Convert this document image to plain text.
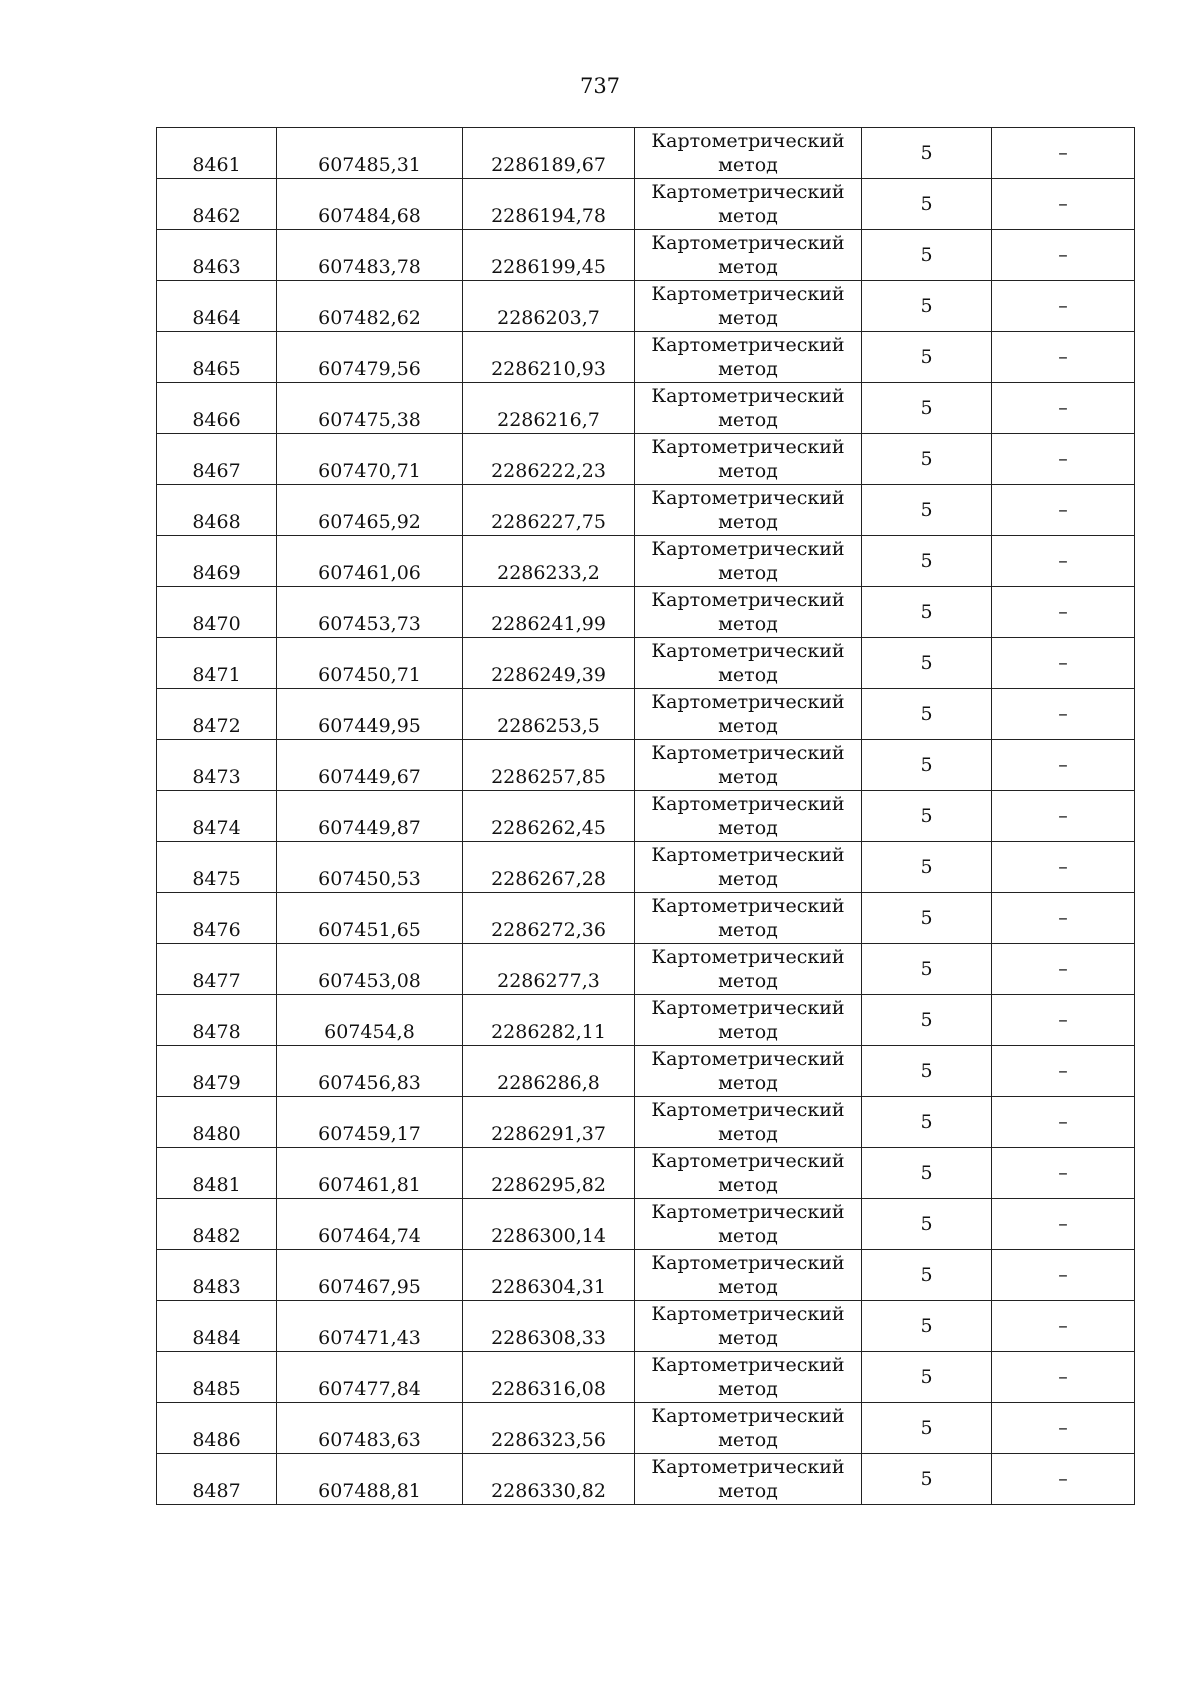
737
8461	607485,31	2286189,67	Картометрический
метод	5	–
8462	607484,68	2286194,78	Картометрический
метод	5	–
8463	607483,78	2286199,45	Картометрический
метод	5	–
8464	607482,62	2286203,7	Картометрический
метод	5	–
8465	607479,56	2286210,93	Картометрический
метод	5	–
8466	607475,38	2286216,7	Картометрический
метод	5	–
8467	607470,71	2286222,23	Картометрический
метод	5	–
8468	607465,92	2286227,75	Картометрический
метод	5	–
8469	607461,06	2286233,2	Картометрический
метод	5	–
8470	607453,73	2286241,99	Картометрический
метод	5	–
8471	607450,71	2286249,39	Картометрический
метод	5	–
8472	607449,95	2286253,5	Картометрический
метод	5	–
8473	607449,67	2286257,85	Картометрический
метод	5	–
8474	607449,87	2286262,45	Картометрический
метод	5	–
8475	607450,53	2286267,28	Картометрический
метод	5	–
8476	607451,65	2286272,36	Картометрический
метод	5	–
8477	607453,08	2286277,3	Картометрический
метод	5	–
8478	607454,8	2286282,11	Картометрический
метод	5	–
8479	607456,83	2286286,8	Картометрический
метод	5	–
8480	607459,17	2286291,37	Картометрический
метод	5	–
8481	607461,81	2286295,82	Картометрический
метод	5	–
8482	607464,74	2286300,14	Картометрический
метод	5	–
8483	607467,95	2286304,31	Картометрический
метод	5	–
8484	607471,43	2286308,33	Картометрический
метод	5	–
8485	607477,84	2286316,08	Картометрический
метод	5	–
8486	607483,63	2286323,56	Картометрический
метод	5	–
8487	607488,81	2286330,82	Картометрический
метод	5	–
